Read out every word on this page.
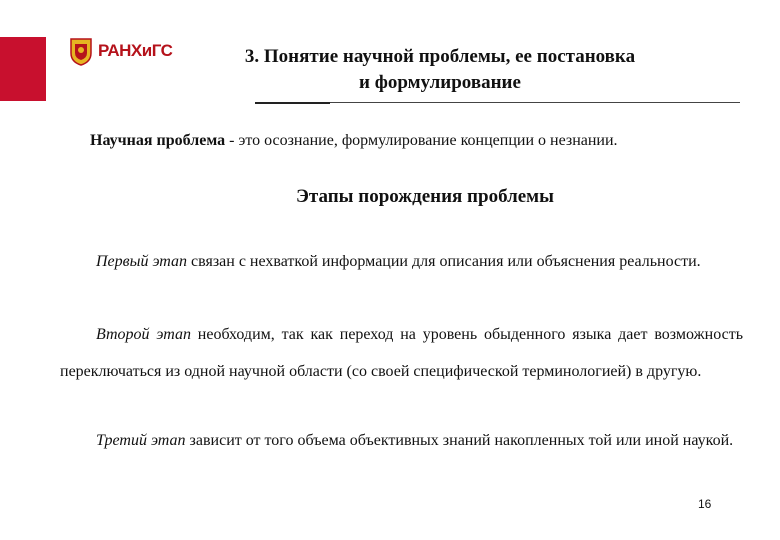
РАНХиГС	3. Понятие научной проблемы, ее постановка
и формулирование
Научная проблема - это осознание, формулирование концепции о незнании.
Этапы порождения проблемы
Первый этап связан с нехваткой информации для описания или объяснения реальности.
Второй этап необходим, так как переход на уровень обыденного языка дает возможность переключаться из одной научной области (со своей специфической терминологией) в другую.
Третий этап зависит от того объема объективных знаний накопленных той или иной наукой.
16
